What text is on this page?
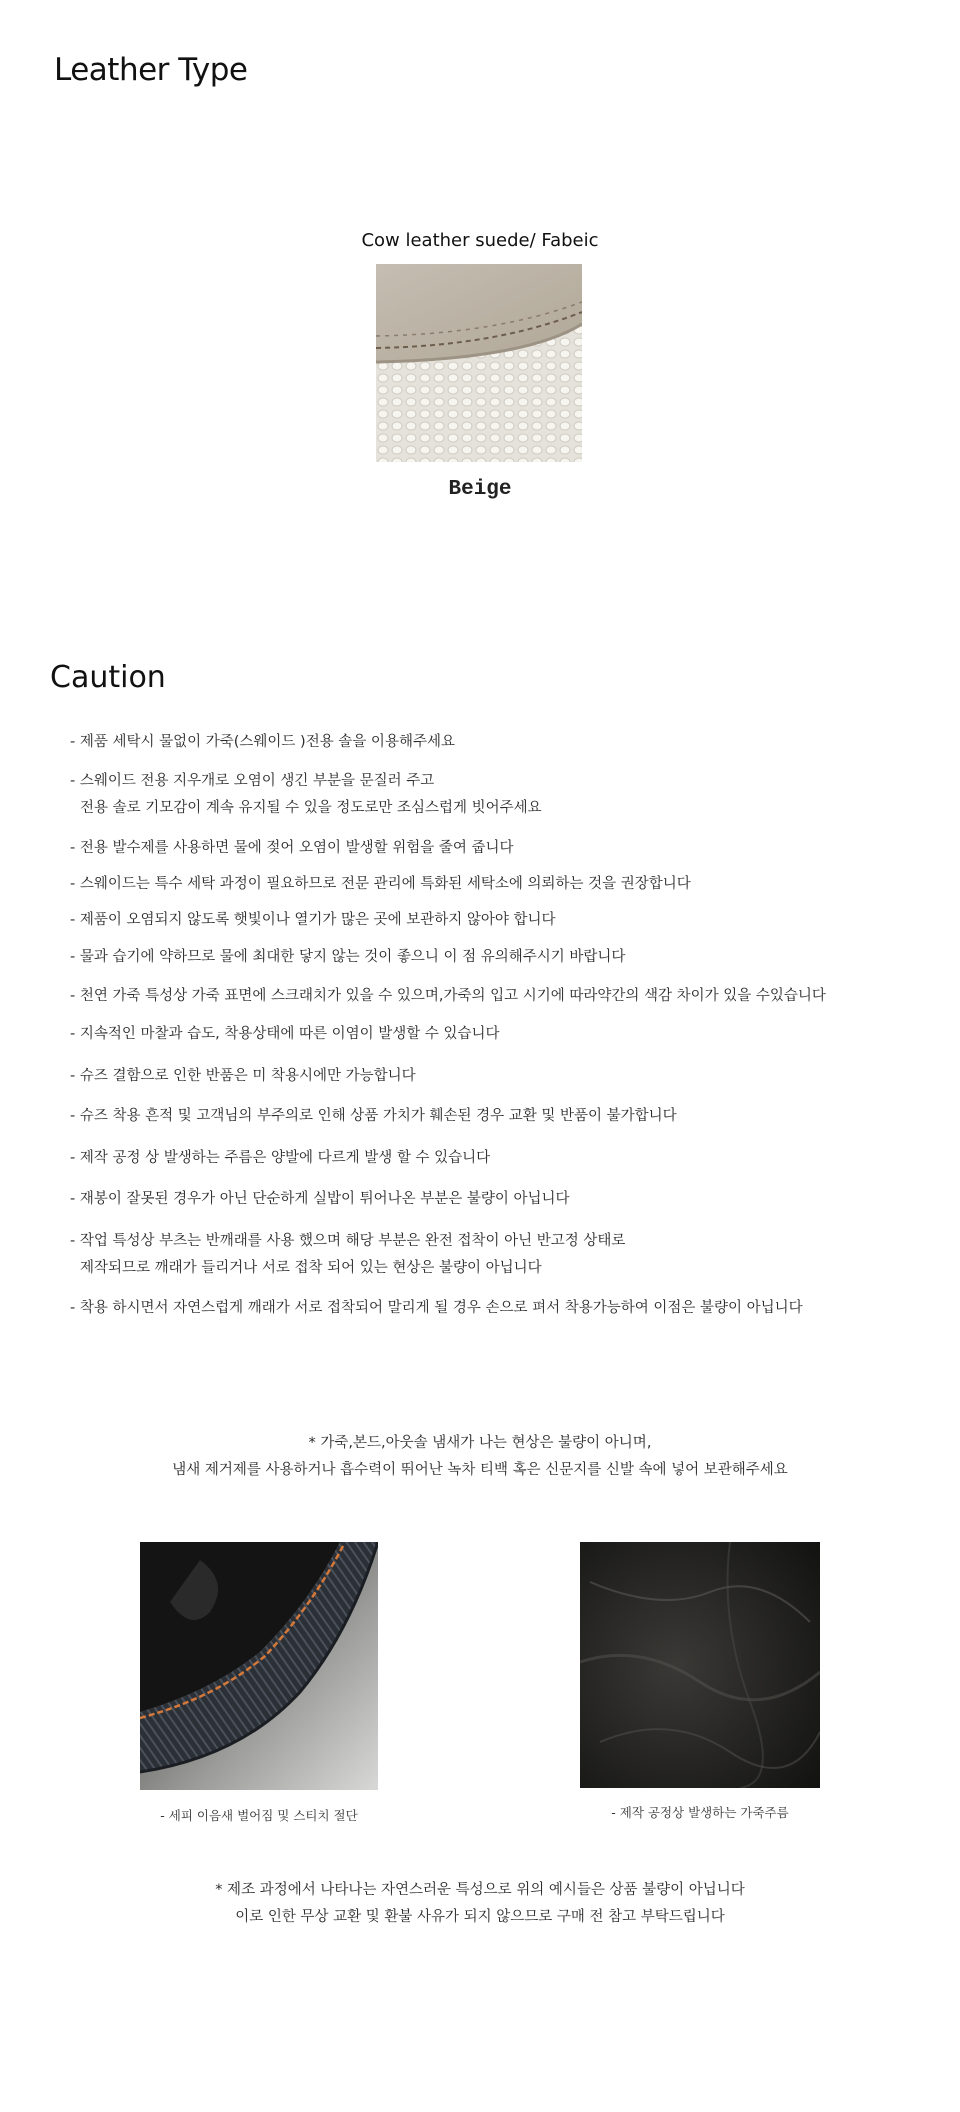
Leather Type
Cow leather suede/ Fabeic
Beige
Caution
- 제품 세탁시 물없이 가죽(스웨이드 )전용 솔을 이용해주세요
- 스웨이드 전용 지우개로 오염이 생긴 부분을 문질러 주고
전용 솔로 기모감이 계속 유지될 수 있을 정도로만 조심스럽게 빗어주세요
- 전용 발수제를 사용하면 물에 젖어 오염이 발생할 위험을 줄여 줍니다
- 스웨이드는 특수 세탁 과정이 필요하므로 전문 관리에 특화된 세탁소에 의뢰하는 것을 권장합니다
- 제품이 오염되지 않도록 햇빛이나 열기가 많은 곳에 보관하지 않아야 합니다
- 물과 습기에 약하므로 물에 최대한 닿지 않는 것이 좋으니 이 점 유의해주시기 바랍니다
- 천연 가죽 특성상 가죽 표면에 스크래치가 있을 수 있으며,가죽의 입고 시기에 따라약간의 색감 차이가 있을 수있습니다
- 지속적인 마찰과 습도, 착용상태에 따른 이염이 발생할 수 있습니다
- 슈즈 결함으로 인한 반품은 미 착용시에만 가능합니다
- 슈즈 착용 흔적 및 고객님의 부주의로 인해 상품 가치가 훼손된 경우 교환 및 반품이 불가합니다
- 제작 공정 상 발생하는 주름은 양발에 다르게 발생 할 수 있습니다
- 재봉이 잘못된 경우가 아닌 단순하게 실밥이 튀어나온 부분은 불량이 아닙니다
- 작업 특성상 부츠는 반깨래를 사용 했으며 해당 부분은 완전 접착이 아닌 반고정 상태로
제작되므로 깨래가 들리거나 서로 접착 되어 있는 현상은 불량이 아닙니다
- 착용 하시면서 자연스럽게 깨래가 서로 접착되어 말리게 될 경우 손으로 펴서 착용가능하여 이점은 불량이 아닙니다
* 가죽,본드,아웃솔 냄새가 나는 현상은 불량이 아니며,
냄새 제거제를 사용하거나 흡수력이 뛰어난 녹차 티백 혹은 신문지를 신발 속에 넣어 보관해주세요
- 세피 이음새 벌어짐 및 스티치 절단	- 제작 공정상 발생하는 가죽주름
* 제조 과정에서 나타나는 자연스러운 특성으로 위의 예시들은 상품 불량이 아닙니다
이로 인한 무상 교환 및 환불 사유가 되지 않으므로 구매 전 참고 부탁드립니다
